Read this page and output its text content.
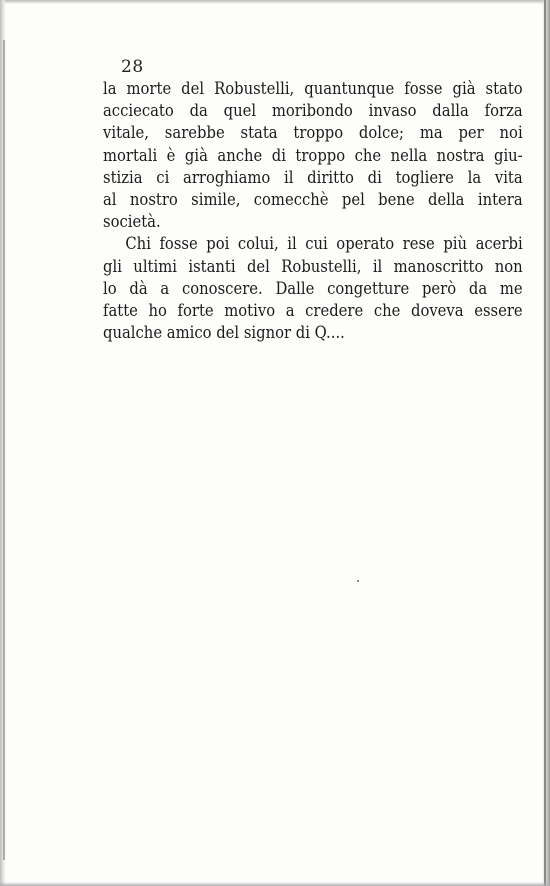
28
la morte del Robustelli, quantunque fosse già stato
acciecato da quel moribondo invaso dalla forza
vitale, sarebbe stata troppo dolce; ma per noi
mortali è già anche di troppo che nella nostra giu-
stizia ci arroghiamo il diritto di togliere la vita
al nostro simile, comecchè pel bene della intera
società.
Chi fosse poi colui, il cui operato rese più acerbi
gli ultimi istanti del Robustelli, il manoscritto non
lo dà a conoscere. Dalle congetture però da me
fatte ho forte motivo a credere che doveva essere
qualche amico del signor di Q....
